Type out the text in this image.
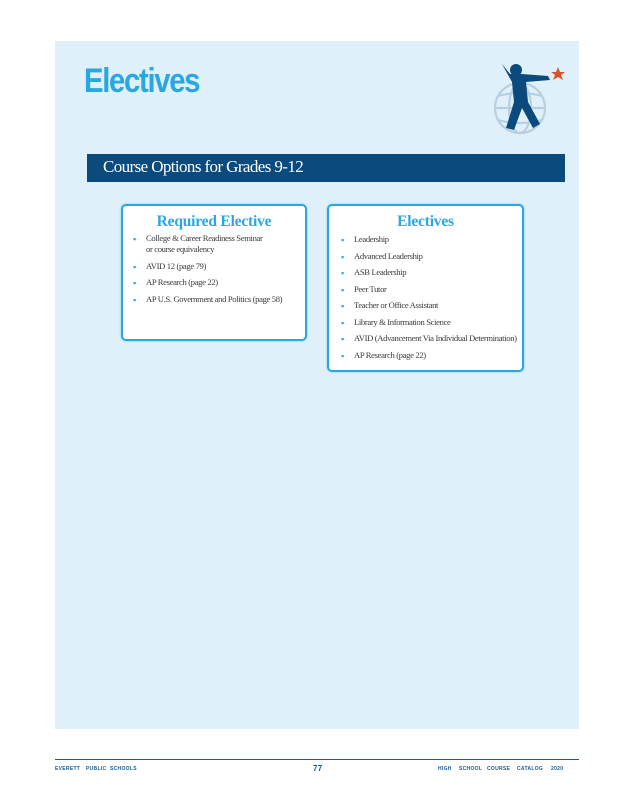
Electives
Course Options for Grades 9-12
Required Elective
▪ College & Career Readiness Seminar
or course equivalency
▪ AVID 12 (page 79)
▪ AP Research (page 22)
▪ AP U.S. Government and Politics (page 58)
Electives
▪ Leadership
▪ Advanced Leadership
▪ ASB Leadership
▪ Peer Tutor
▪ Teacher or Office Assistant
▪ Library & Information Science
▪ AVID (Advancement Via Individual Determination)
▪ AP Research (page 22)
EVERETT PUBLIC SCHOOLS	77	HIGH SCHOOL COURSE CATALOG 2020
